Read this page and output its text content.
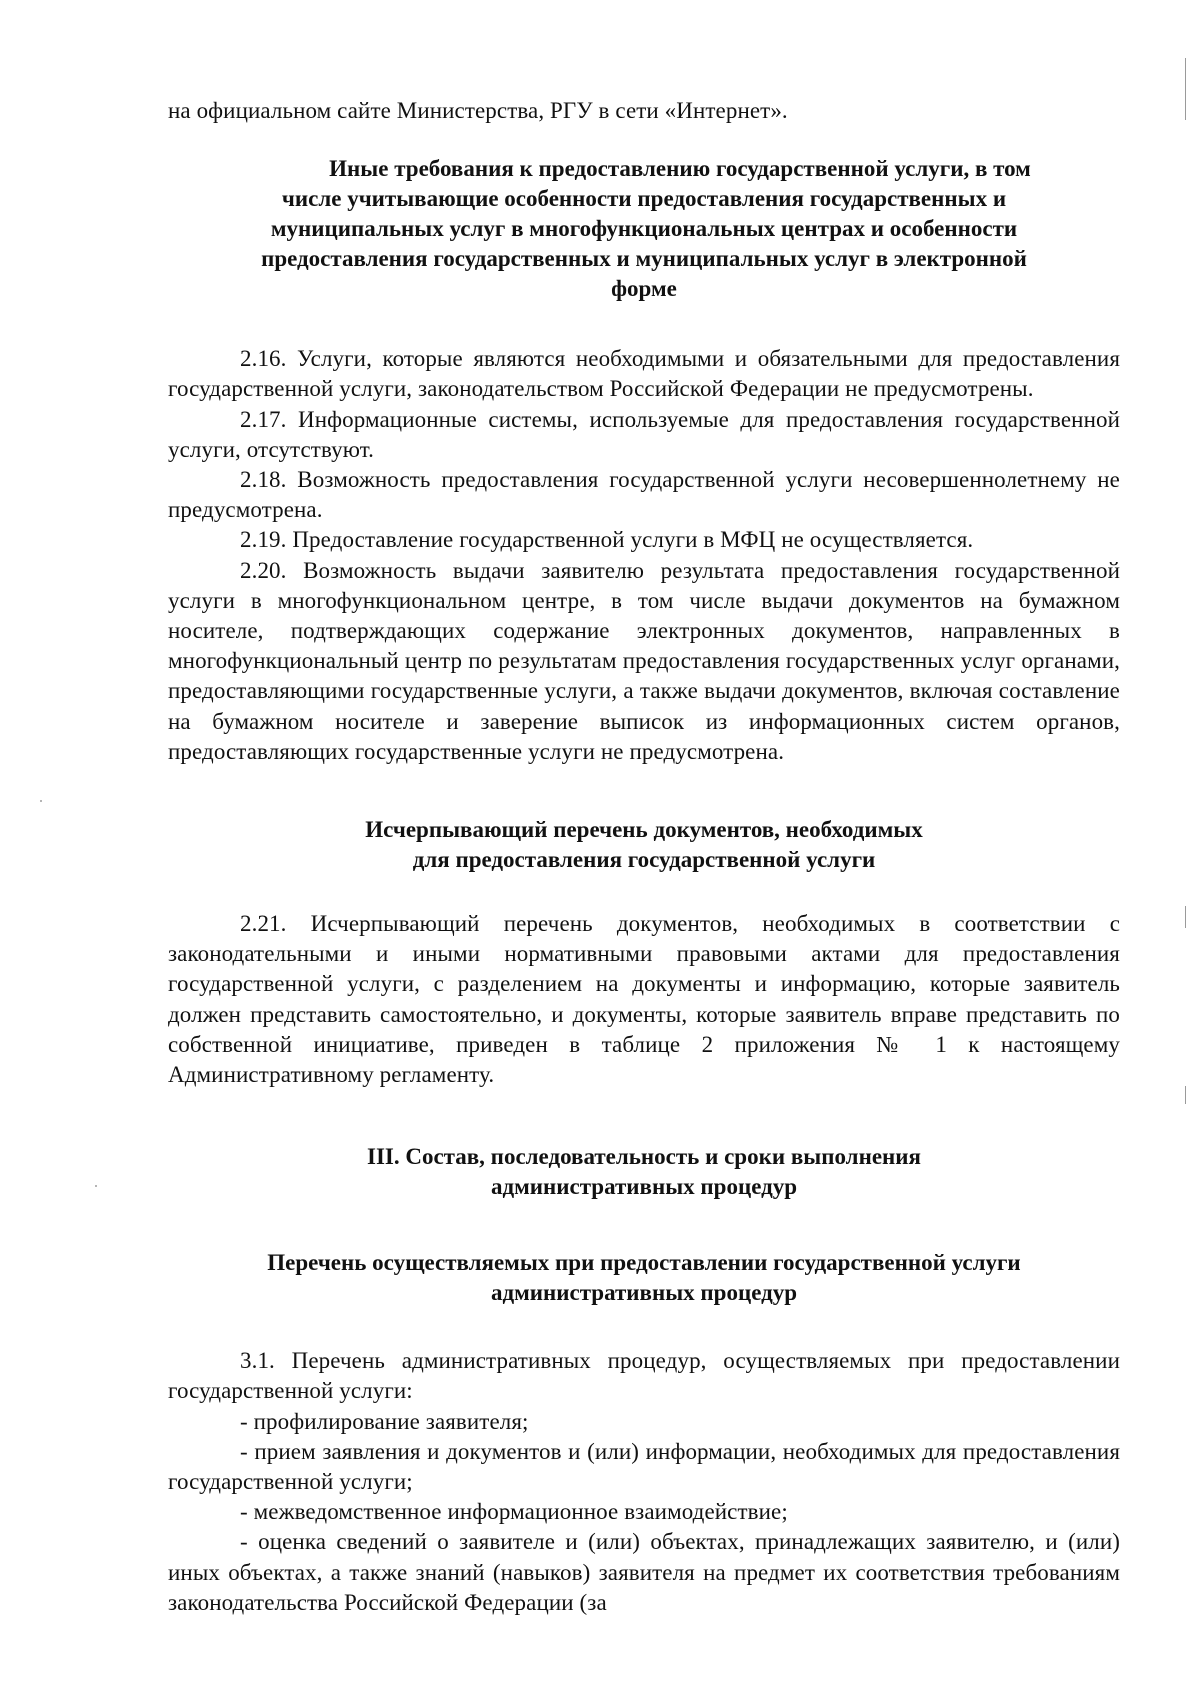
на официальном сайте Министерства, РГУ в сети «Интернет».

Иные требования к предоставлению государственной услуги, в том
числе учитывающие особенности предоставления государственных и
муниципальных услуг в многофункциональных центрах и особенности
предоставления государственных и муниципальных услуг в электронной
форме

2.16. Услуги, которые являются необходимыми и обязательными для предоставления государственной услуги, законодательством Российской Федерации не предусмотрены.

2.17. Информационные системы, используемые для предоставления государственной услуги, отсутствуют.

2.18. Возможность предоставления государственной услуги несовершеннолетнему не предусмотрена.

2.19. Предоставление государственной услуги в МФЦ не осуществляется.

2.20. Возможность выдачи заявителю результата предоставления государственной услуги в многофункциональном центре, в том числе выдачи документов на бумажном носителе, подтверждающих содержание электронных документов, направленных в многофункциональный центр по результатам предоставления государственных услуг органами, предоставляющими государственные услуги, а также выдачи документов, включая составление на бумажном носителе и заверение выписок из информационных систем органов, предоставляющих государственные услуги не предусмотрена.

Исчерпывающий перечень документов, необходимых
для предоставления государственной услуги

2.21. Исчерпывающий перечень документов, необходимых в соответствии с законодательными и иными нормативными правовыми актами для предоставления государственной услуги, с разделением на документы и информацию, которые заявитель должен представить самостоятельно, и документы, которые заявитель вправе представить по собственной инициативе, приведен в таблице 2 приложения № 1 к настоящему Административному регламенту.

III. Состав, последовательность и сроки выполнения
административных процедур
Перечень осуществляемых при предоставлении государственной услуги
административных процедур

3.1. Перечень административных процедур, осуществляемых при предоставлении государственной услуги:

- профилирование заявителя;

- прием заявления и документов и (или) информации, необходимых для предоставления государственной услуги;

- межведомственное информационное взаимодействие;

- оценка сведений о заявителе и (или) объектах, принадлежащих заявителю, и (или) иных объектах, а также знаний (навыков) заявителя на предмет их соответствия требованиям законодательства Российской Федерации (за
